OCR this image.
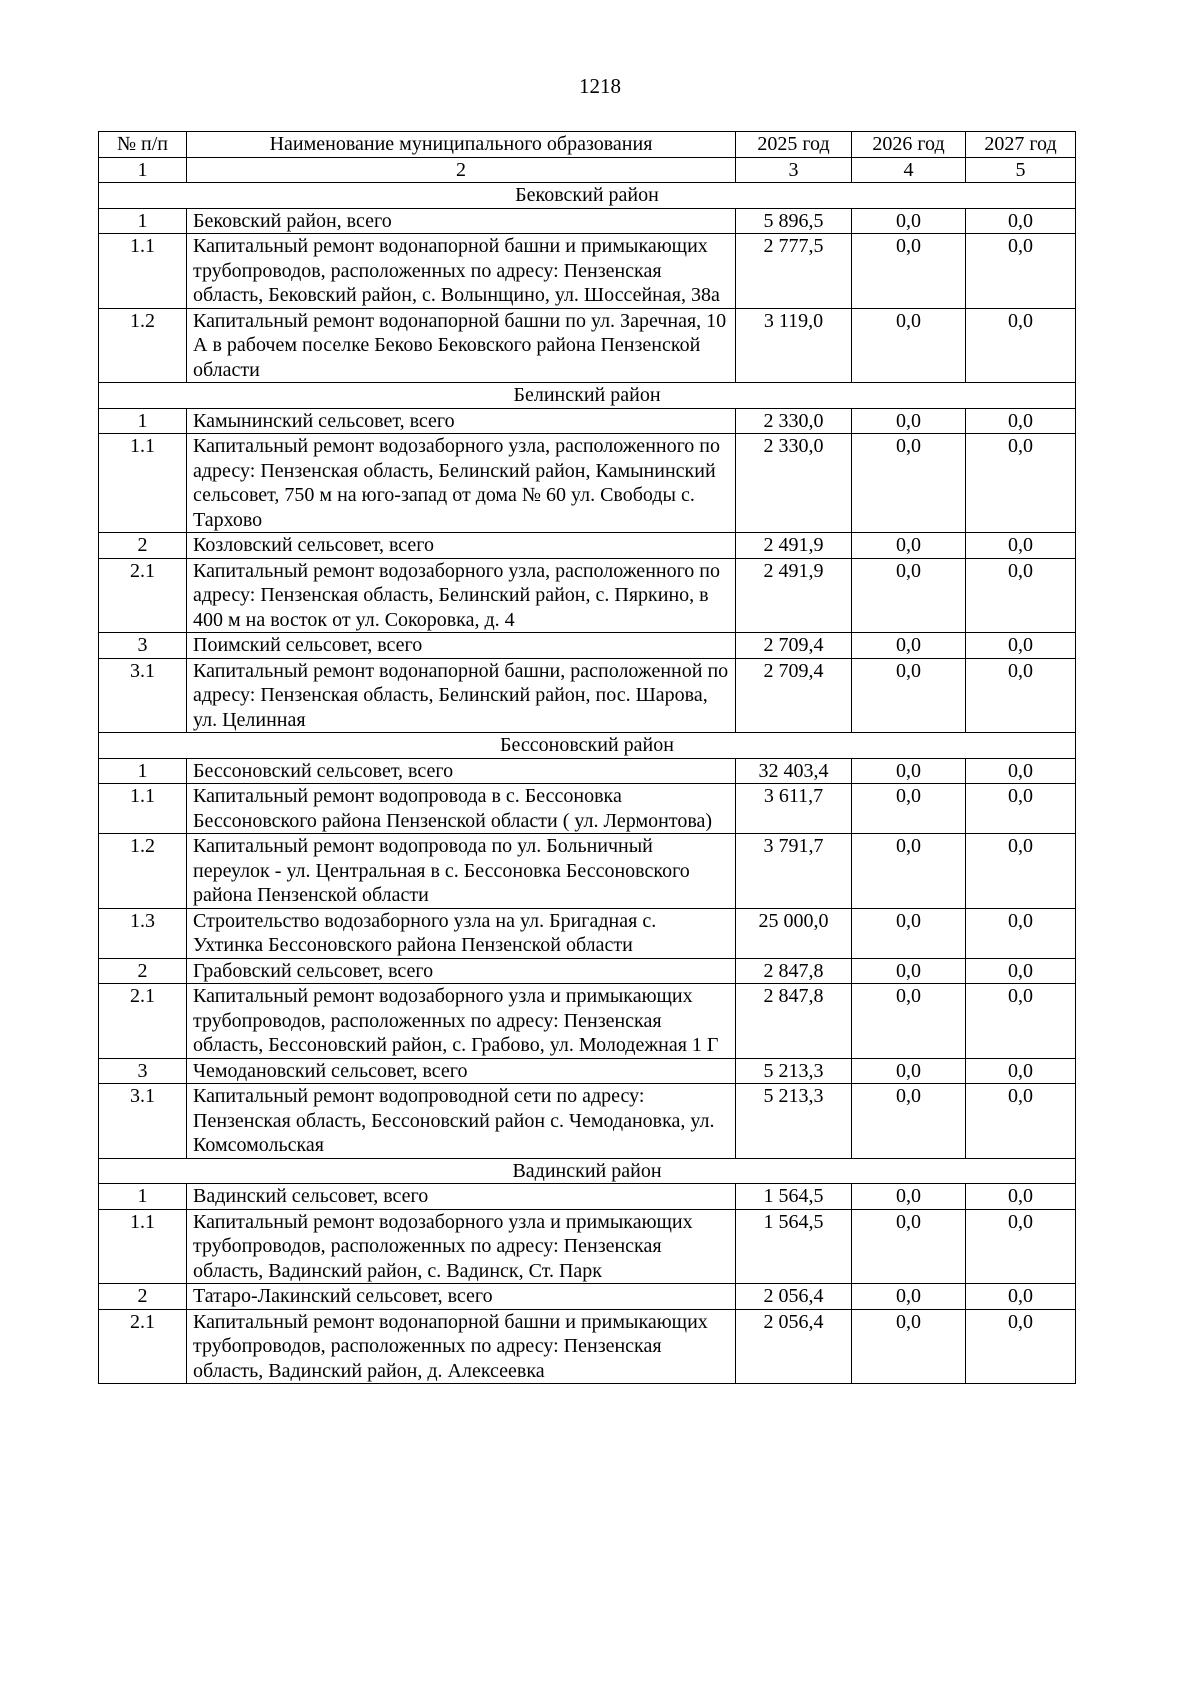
1218
№ п/п	Наименование муниципального образования	2025 год	2026 год	2027 год
1	2	3	4	5
Бековский район				
1	Бековский район, всего	5 896,5	0,0	0,0
1.1	Капитальный ремонт водонапорной башни и примыкающих трубопроводов, расположенных по адресу: Пензенская область, Бековский район, с. Волынщино, ул. Шоссейная, 38а	2 777,5	0,0	0,0
1.2	Капитальный ремонт водонапорной башни по ул. Заречная, 10 А в рабочем поселке Беково Бековского района Пензенской области	3 119,0	0,0	0,0
Белинский район				
1	Камынинский сельсовет, всего	2 330,0	0,0	0,0
1.1	Капитальный ремонт водозаборного узла, расположенного по адресу: Пензенская область, Белинский район, Камынинский сельсовет, 750 м на юго-запад от дома № 60 ул. Свободы с. Тархово	2 330,0	0,0	0,0
2	Козловский сельсовет, всего	2 491,9	0,0	0,0
2.1	Капитальный ремонт водозаборного узла, расположенного по адресу: Пензенская область, Белинский район, с. Пяркино, в 400 м на восток от ул. Сокоровка, д. 4	2 491,9	0,0	0,0
3	Поимский сельсовет, всего	2 709,4	0,0	0,0
3.1	Капитальный ремонт водонапорной башни, расположенной по адресу: Пензенская область, Белинский район, пос. Шарова, ул. Целинная	2 709,4	0,0	0,0
Бессоновский район				
1	Бессоновский сельсовет, всего	32 403,4	0,0	0,0
1.1	Капитальный ремонт водопровода в с. Бессоновка Бессоновского района Пензенской области ( ул. Лермонтова)	3 611,7	0,0	0,0
1.2	Капитальный ремонт водопровода по ул. Больничный переулок - ул. Центральная в с. Бессоновка Бессоновского района Пензенской области	3 791,7	0,0	0,0
1.3	Строительство водозаборного узла на ул. Бригадная с. Ухтинка Бессоновского района Пензенской области	25 000,0	0,0	0,0
2	Грабовский сельсовет, всего	2 847,8	0,0	0,0
2.1	Капитальный ремонт водозаборного узла и примыкающих трубопроводов, расположенных по адресу: Пензенская область, Бессоновский район, с. Грабово, ул. Молодежная 1 Г	2 847,8	0,0	0,0
3	Чемодановский сельсовет, всего	5 213,3	0,0	0,0
3.1	Капитальный ремонт водопроводной сети по адресу: Пензенская область, Бессоновский район с. Чемодановка, ул. Комсомольская	5 213,3	0,0	0,0
Вадинский район				
1	Вадинский сельсовет, всего	1 564,5	0,0	0,0
1.1	Капитальный ремонт водозаборного узла и примыкающих трубопроводов, расположенных по адресу: Пензенская область, Вадинский район, с. Вадинск, Ст. Парк	1 564,5	0,0	0,0
2	Татаро-Лакинский сельсовет, всего	2 056,4	0,0	0,0
2.1	Капитальный ремонт водонапорной башни и примыкающих трубопроводов, расположенных по адресу: Пензенская область, Вадинский район, д. Алексеевка	2 056,4	0,0	0,0
